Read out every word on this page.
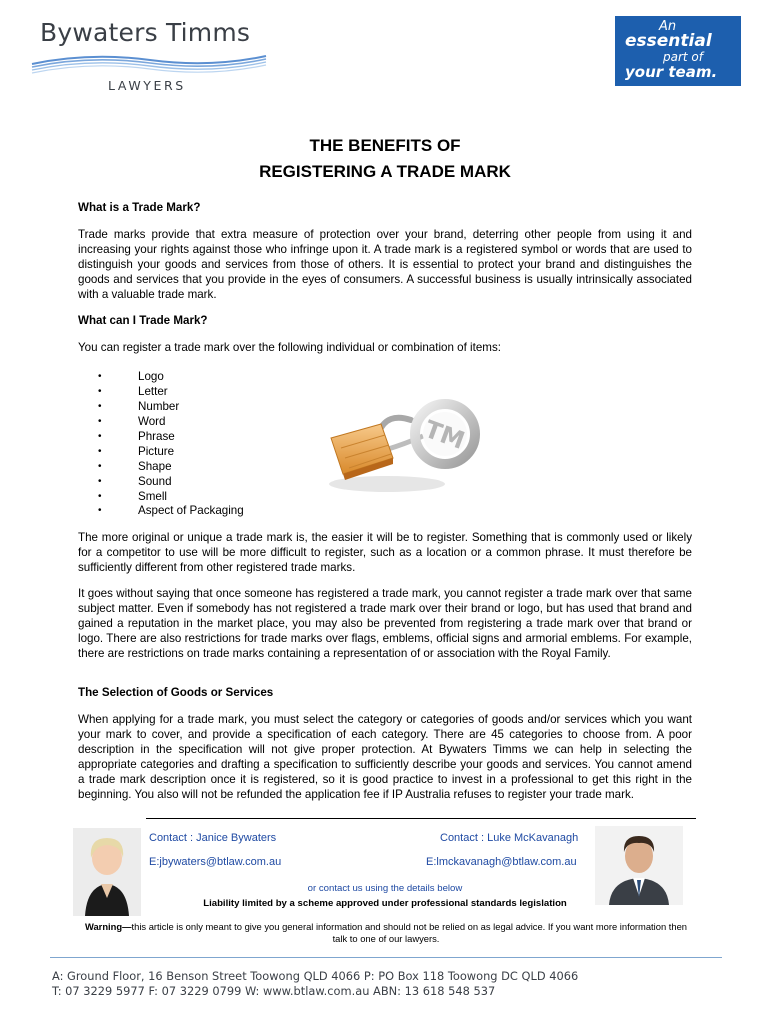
Bywaters Timms
LAWYERS
An
essential
part of
your team.
THE BENEFITS OF
REGISTERING A TRADE MARK
What is a Trade Mark?
Trade marks provide that extra measure of protection over your brand, deterring other people from using it and increasing your rights against those who infringe upon it. A trade mark is a registered symbol or words that are used to distinguish your goods and services from those of others. It is essential to protect your brand and distinguishes the goods and services that you provide in the eyes of consumers. A successful business is usually intrinsically associated with a valuable trade mark.
What can I Trade Mark?
You can register a trade mark over the following individual or combination of items:
• Logo
• Letter
• Number
• Word
• Phrase
• Picture
• Shape
• Sound
• Smell
• Aspect of Packaging
TM
The more original or unique a trade mark is, the easier it will be to register. Something that is commonly used or likely for a competitor to use will be more difficult to register, such as a location or a common phrase. It must therefore be sufficiently different from other registered trade marks.
It goes without saying that once someone has registered a trade mark, you cannot register a trade mark over that same subject matter. Even if somebody has not registered a trade mark over their brand or logo, but has used that brand and gained a reputation in the market place, you may also be prevented from registering a trade mark over that brand or logo. There are also restrictions for trade marks over flags, emblems, official signs and armorial emblems. For example, there are restrictions on trade marks containing a representation of or association with the Royal Family.
The Selection of Goods or Services
When applying for a trade mark, you must select the category or categories of goods and/or services which you want your mark to cover, and provide a specification of each category. There are 45 categories to choose from. A poor description in the specification will not give proper protection. At Bywaters Timms we can help in selecting the appropriate categories and drafting a specification to sufficiently describe your goods and services. You cannot amend a trade mark description once it is registered, so it is good practice to invest in a professional to get this right in the beginning. You also will not be refunded the application fee if IP Australia refuses to register your trade mark.
Contact : Janice Bywaters
E:jbywaters@btlaw.com.au
Contact : Luke McKavanagh
E:lmckavanagh@btlaw.com.au
or contact us using the details below
Liability limited by a scheme approved under professional standards legislation
Warning—this article is only meant to give you general information and should not be relied on as legal advice. If you want more information then talk to one of our lawyers.
A: Ground Floor, 16 Benson Street Toowong QLD 4066 P: PO Box 118 Toowong DC QLD 4066
T: 07 3229 5977 F: 07 3229 0799 W: www.btlaw.com.au ABN: 13 618 548 537
